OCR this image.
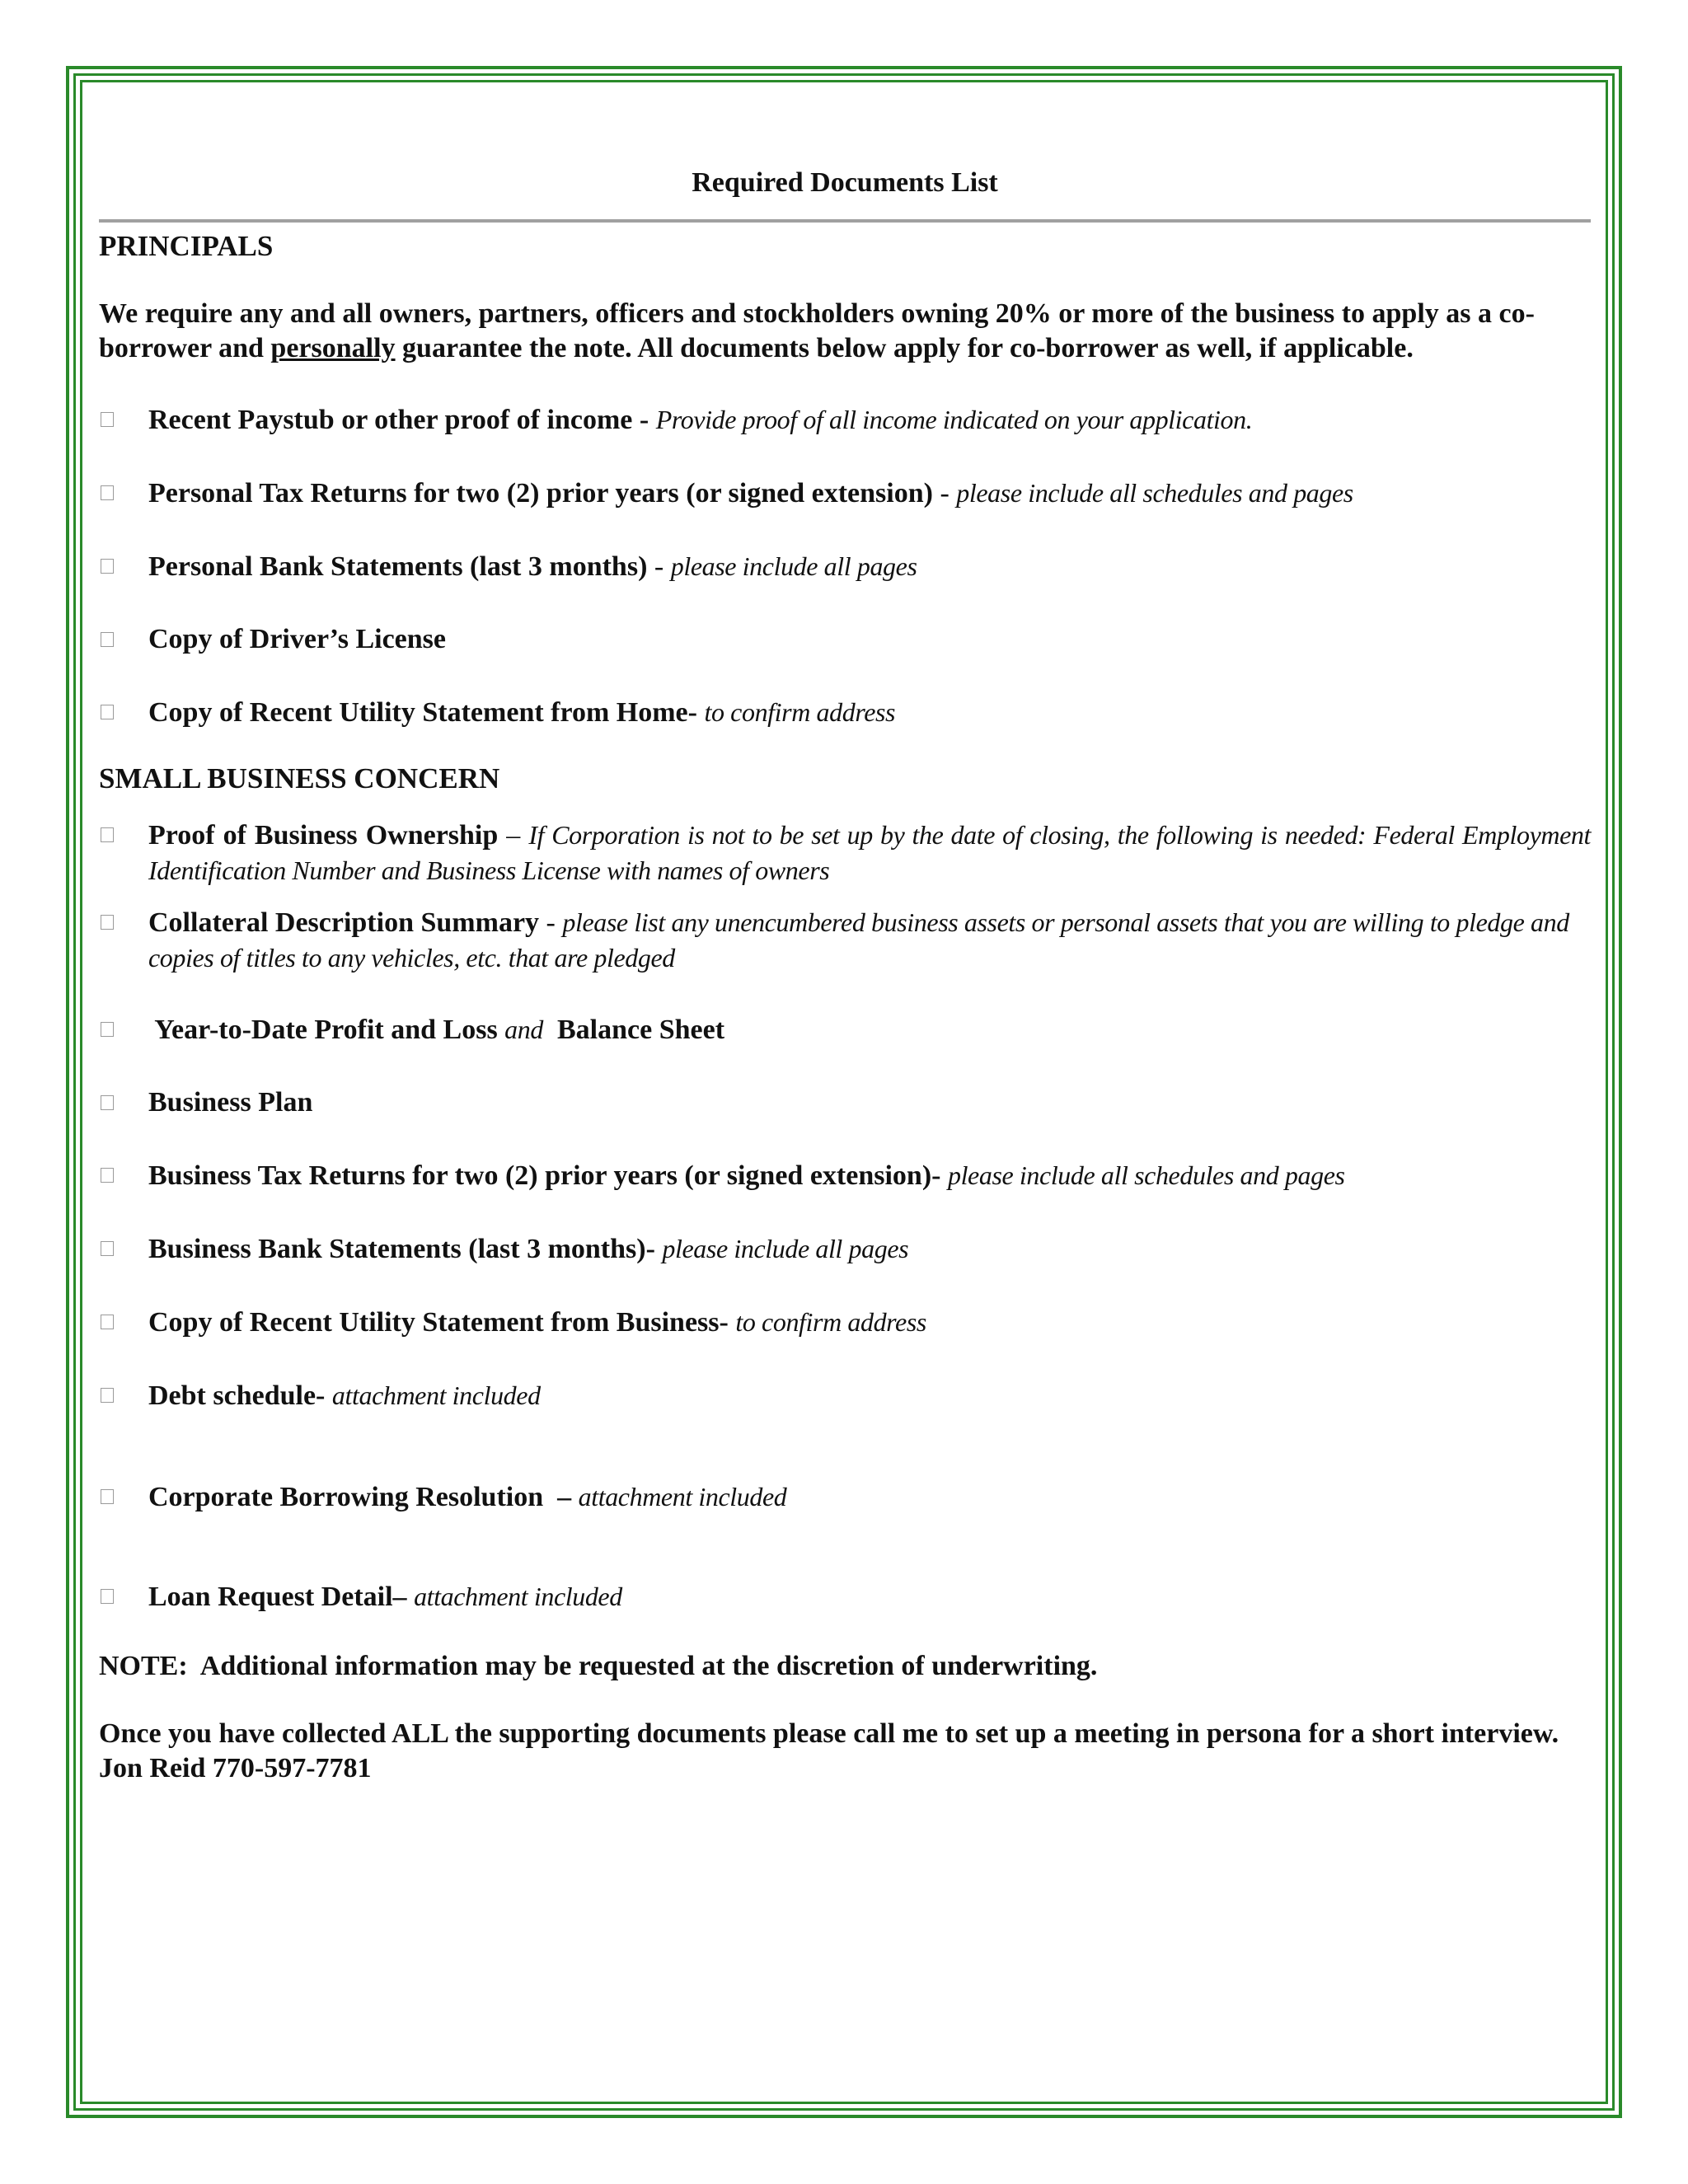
Required Documents List

PRINCIPALS

We require any and all owners, partners, officers and stockholders owning 20% or more of the business to apply as a co-borrower and personally guarantee the note. All documents below apply for co-borrower as well, if applicable.

Recent Paystub or other proof of income - Provide proof of all income indicated on your application.
Personal Tax Returns for two (2) prior years (or signed extension) - please include all schedules and pages
Personal Bank Statements (last 3 months) - please include all pages
Copy of Driver’s License
Copy of Recent Utility Statement from Home- to confirm address

SMALL BUSINESS CONCERN

Proof of Business Ownership – If Corporation is not to be set up by the date of closing, the following is needed: Federal Employment Identification Number and Business License with names of owners
Collateral Description Summary - please list any unencumbered business assets or personal assets that you are willing to pledge and copies of titles to any vehicles, etc. that are pledged
Year-to-Date Profit and Loss and  Balance Sheet
Business Plan
Business Tax Returns for two (2) prior years (or signed extension)- please include all schedules and pages
Business Bank Statements (last 3 months)- please include all pages
Copy of Recent Utility Statement from Business- to confirm address
Debt schedule- attachment included
Corporate Borrowing Resolution  – attachment included
Loan Request Detail– attachment included

NOTE:  Additional information may be requested at the discretion of underwriting.

Once you have collected ALL the supporting documents please call me to set up a meeting in persona for a short interview. Jon Reid 770-597-7781
